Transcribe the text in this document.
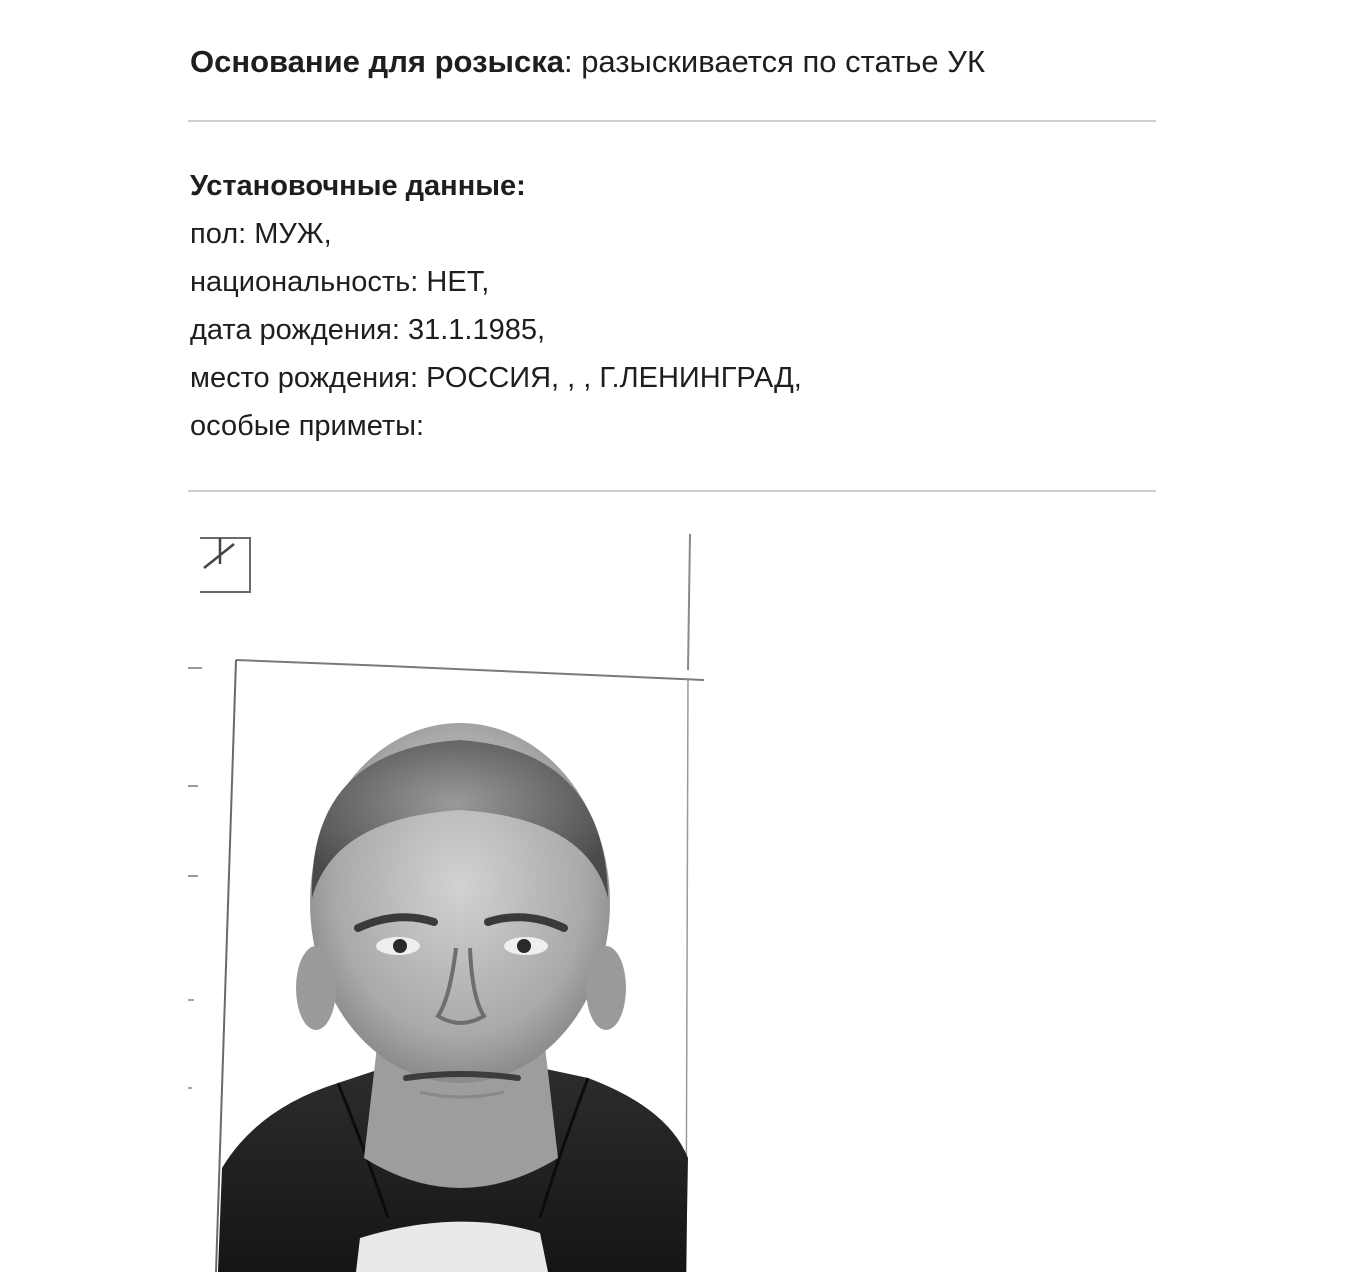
Основание для розыска: разыскивается по статье УК
Установочные данные:
пол: МУЖ,
национальность: НЕТ,
дата рождения: 31.1.1985,
место рождения: РОССИЯ, , , Г.ЛЕНИНГРАД,
особые приметы:
